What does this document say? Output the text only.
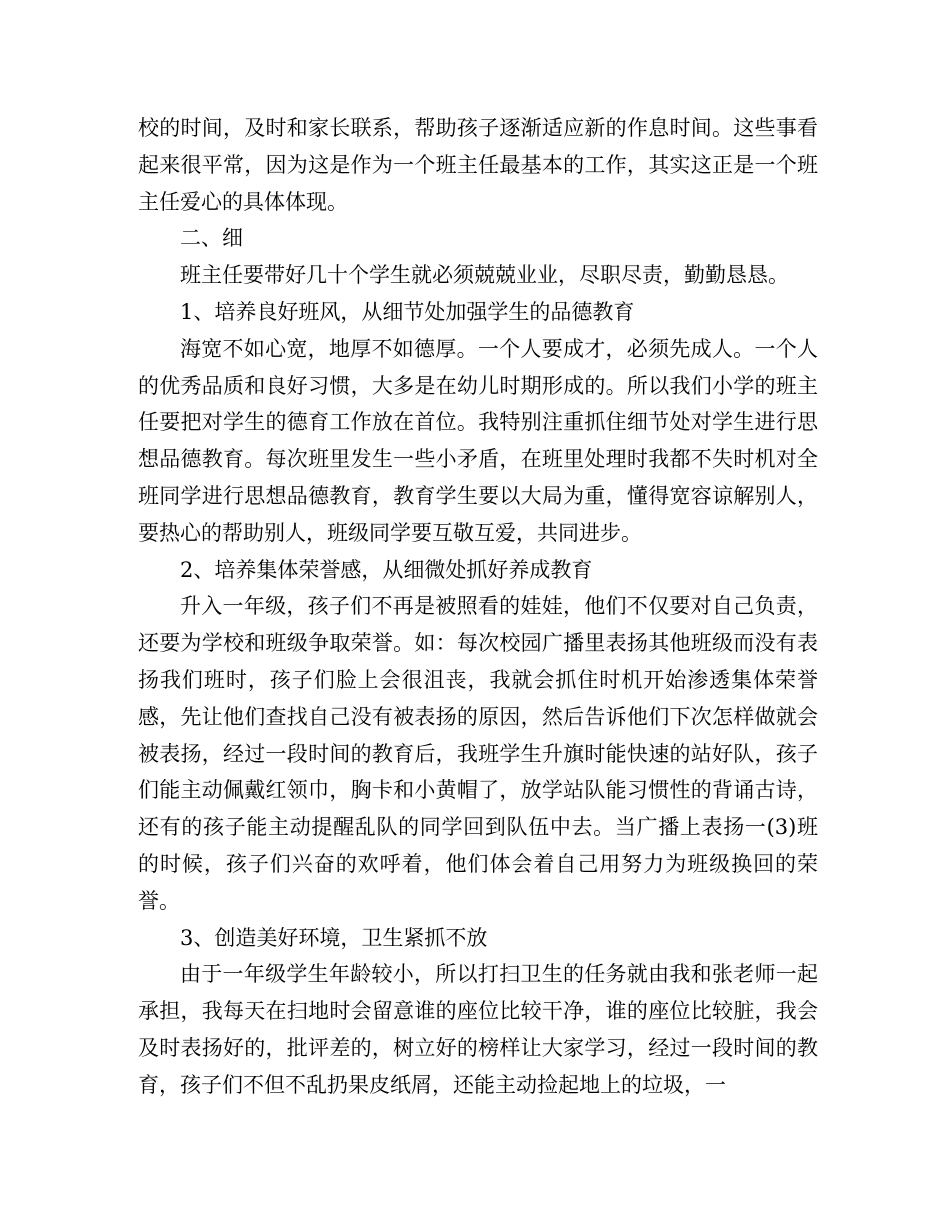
校的时间，及时和家长联系，帮助孩子逐渐适应新的作息时间。这些事看起来很平常，因为这是作为一个班主任最基本的工作，其实这正是一个班主任爱心的具体体现。

二、细

班主任要带好几十个学生就必须兢兢业业，尽职尽责，勤勤恳恳。

1、培养良好班风，从细节处加强学生的品德教育

海宽不如心宽，地厚不如德厚。一个人要成才，必须先成人。一个人的优秀品质和良好习惯，大多是在幼儿时期形成的。所以我们小学的班主任要把对学生的德育工作放在首位。我特别注重抓住细节处对学生进行思想品德教育。每次班里发生一些小矛盾，在班里处理时我都不失时机对全班同学进行思想品德教育，教育学生要以大局为重，懂得宽容谅解别人，要热心的帮助别人，班级同学要互敬互爱，共同进步。

2、培养集体荣誉感，从细微处抓好养成教育

升入一年级，孩子们不再是被照看的娃娃，他们不仅要对自己负责，还要为学校和班级争取荣誉。如：每次校园广播里表扬其他班级而没有表扬我们班时，孩子们脸上会很沮丧，我就会抓住时机开始渗透集体荣誉感，先让他们查找自己没有被表扬的原因，然后告诉他们下次怎样做就会被表扬，经过一段时间的教育后，我班学生升旗时能快速的站好队，孩子们能主动佩戴红领巾，胸卡和小黄帽了，放学站队能习惯性的背诵古诗，还有的孩子能主动提醒乱队的同学回到队伍中去。当广播上表扬一(3)班的时候，孩子们兴奋的欢呼着，他们体会着自己用努力为班级换回的荣誉。

3、创造美好环境，卫生紧抓不放

由于一年级学生年龄较小，所以打扫卫生的任务就由我和张老师一起承担，我每天在扫地时会留意谁的座位比较干净，谁的座位比较脏，我会及时表扬好的，批评差的，树立好的榜样让大家学习，经过一段时间的教育，孩子们不但不乱扔果皮纸屑，还能主动捡起地上的垃圾，一
